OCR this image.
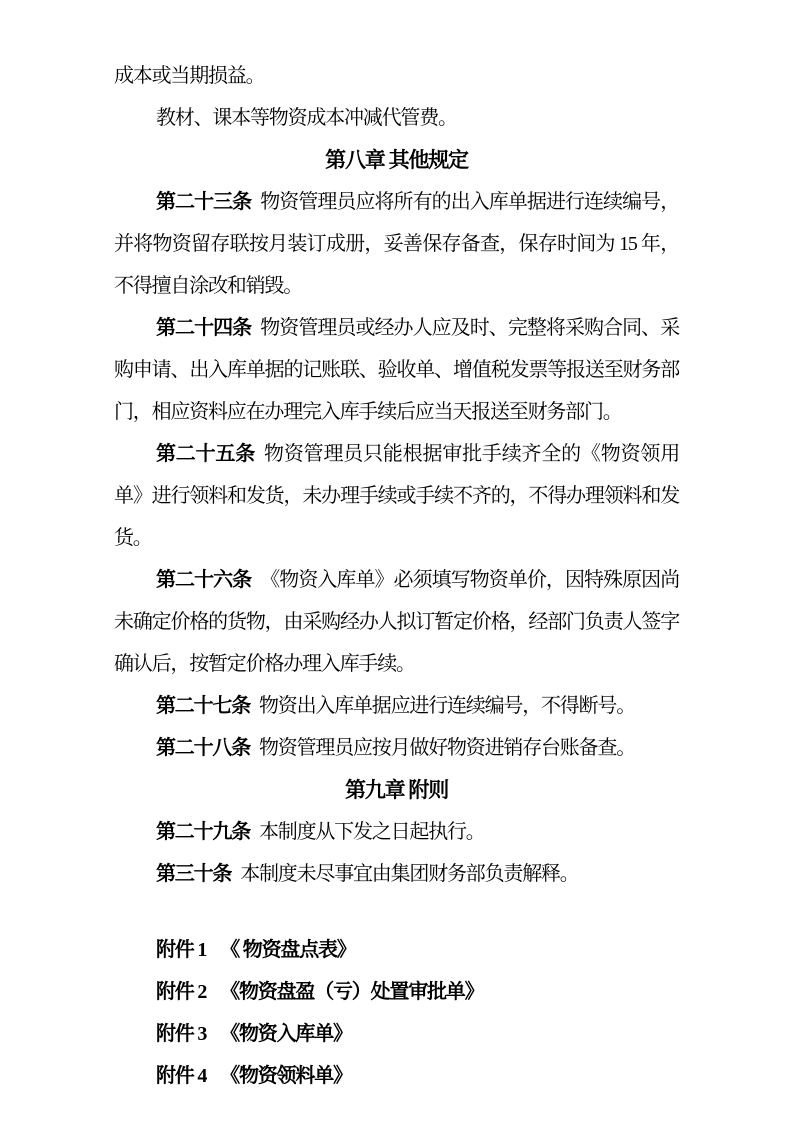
成本或当期损益。

教材、课本等物资成本冲减代管费。

第八章 其他规定

第二十三条 物资管理员应将所有的出入库单据进行连续编号，并将物资留存联按月装订成册，妥善保存备查，保存时间为 15 年，不得擅自涂改和销毁。

第二十四条 物资管理员或经办人应及时、完整将采购合同、采购申请、出入库单据的记账联、验收单、增值税发票等报送至财务部门，相应资料应在办理完入库手续后应当天报送至财务部门。

第二十五条 物资管理员只能根据审批手续齐全的《物资领用单》进行领料和发货，未办理手续或手续不齐的，不得办理领料和发货。

第二十六条 《物资入库单》必须填写物资单价，因特殊原因尚未确定价格的货物，由采购经办人拟订暂定价格，经部门负责人签字确认后，按暂定价格办理入库手续。

第二十七条 物资出入库单据应进行连续编号，不得断号。

第二十八条 物资管理员应按月做好物资进销存台账备查。

第九章 附则

第二十九条 本制度从下发之日起执行。

第三十条 本制度未尽事宜由集团财务部负责解释。

附件 1 《 物资盘点表》

附件 2 《物资盘盈（亏）处置审批单》

附件 3 《物资入库单》

附件 4 《物资领料单》
